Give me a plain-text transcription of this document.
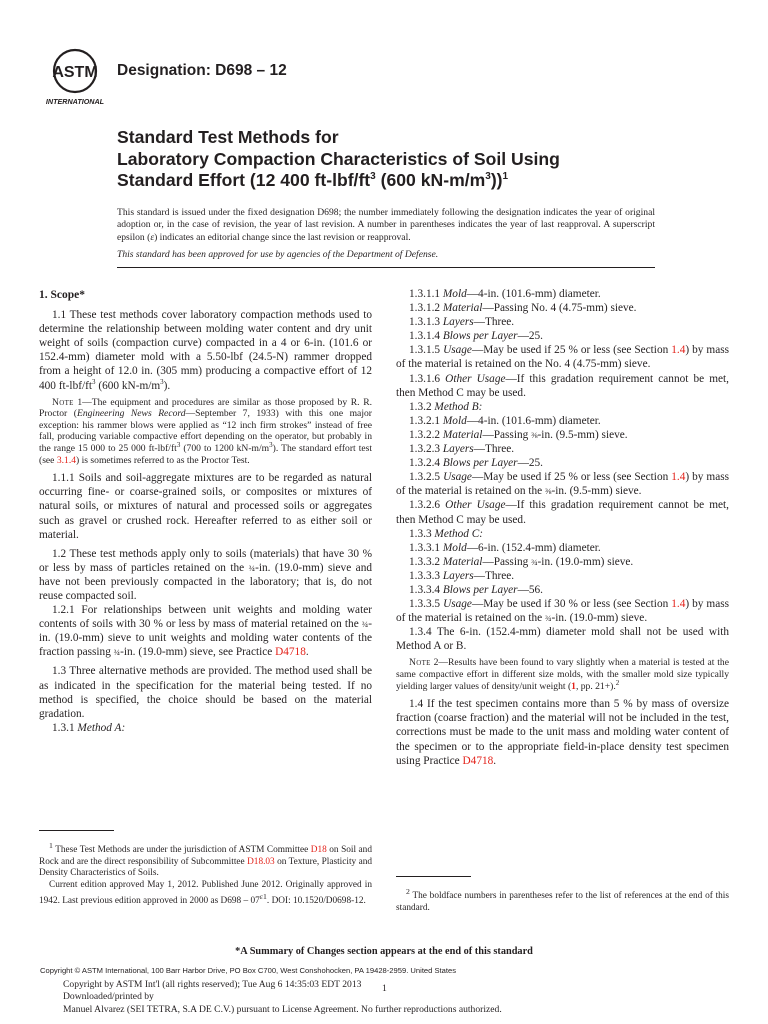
ASTM
INTERNATIONAL
Designation: D698 – 12
Standard Test Methods for
Laboratory Compaction Characteristics of Soil Using
Standard Effort (12 400 $ft-lbf/ft^3$ (600 $kN-m/m^3))^1$
This standard is issued under the fixed designation D698; the number immediately following the designation indicates the year of original adoption or, in the case of revision, the year of last revision. A number in parentheses indicates the year of last reapproval. A superscript epsilon (ε) indicates an editorial change since the last revision or reapproval.
This standard has been approved for use by agencies of the Department of Defense.

1. Scope*

1.1 These test methods cover laboratory compaction methods used to determine the relationship between molding water content and dry unit weight of soils (compaction curve) compacted in a 4 or 6-in. (101.6 or 152.4-mm) diameter mold with a 5.50-lbf (24.5-N) rammer dropped from a height of 12.0 in. (305 mm) producing a compactive effort of 12 400 $ft-lbf/ft^3$ (600 $kN-m/m^3$).

Note 1—The equipment and procedures are similar as those proposed by R. R. Proctor (Engineering News Record—September 7, 1933) with this one major exception: his rammer blows were applied as “12 inch firm strokes” instead of free fall, producing variable compactive effort depending on the operator, but probably in the range 15 000 to 25 000 $ft-lbf/ft^3$ (700 to 1200 $kN-m/m^3$). The standard effort test (see 3.1.4) is sometimes referred to as the Proctor Test.

1.1.1 Soils and soil-aggregate mixtures are to be regarded as natural occurring fine- or coarse-grained soils, or composites or mixtures of natural soils, or mixtures of natural and processed soils or aggregates such as gravel or crushed rock. Hereafter referred to as either soil or material.

1.2 These test methods apply only to soils (materials) that have 30 % or less by mass of particles retained on the ¾-in. (19.0-mm) sieve and have not been previously compacted in the laboratory; that is, do not reuse compacted soil.

1.2.1 For relationships between unit weights and molding water contents of soils with 30 % or less by mass of material retained on the ¾-in. (19.0-mm) sieve to unit weights and molding water contents of the fraction passing ¾-in. (19.0-mm) sieve, see Practice D4718.

1.3 Three alternative methods are provided. The method used shall be as indicated in the specification for the material being tested. If no method is specified, the choice should be based on the material gradation.

1.3.1 Method A:

1.3.1.1 Mold—4-in. (101.6-mm) diameter.

1.3.1.2 Material—Passing No. 4 (4.75-mm) sieve.

1.3.1.3 Layers—Three.

1.3.1.4 Blows per Layer—25.

1.3.1.5 Usage—May be used if 25 % or less (see Section 1.4) by mass of the material is retained on the No. 4 (4.75-mm) sieve.

1.3.1.6 Other Usage—If this gradation requirement cannot be met, then Method C may be used.

1.3.2 Method B:

1.3.2.1 Mold—4-in. (101.6-mm) diameter.

1.3.2.2 Material—Passing ⅜-in. (9.5-mm) sieve.

1.3.2.3 Layers—Three.

1.3.2.4 Blows per Layer—25.

1.3.2.5 Usage—May be used if 25 % or less (see Section 1.4) by mass of the material is retained on the ⅜-in. (9.5-mm) sieve.

1.3.2.6 Other Usage—If this gradation requirement cannot be met, then Method C may be used.

1.3.3 Method C:

1.3.3.1 Mold—6-in. (152.4-mm) diameter.

1.3.3.2 Material—Passing ¾-in. (19.0-mm) sieve.

1.3.3.3 Layers—Three.

1.3.3.4 Blows per Layer—56.

1.3.3.5 Usage—May be used if 30 % or less (see Section 1.4) by mass of the material is retained on the ¾-in. (19.0-mm) sieve.

1.3.4 The 6-in. (152.4-mm) diameter mold shall not be used with Method A or B.

Note 2—Results have been found to vary slightly when a material is tested at the same compactive effort in different size molds, with the smaller mold size typically yielding larger values of density/unit weight (1, pp. 21+).$^2$

1.4 If the test specimen contains more than 5 % by mass of oversize fraction (coarse fraction) and the material will not be included in the test, corrections must be made to the unit mass and molding water content of the specimen or to the appropriate field-in-place density test specimen using Practice D4718.

$^1$ These Test Methods are under the jurisdiction of ASTM Committee D18 on Soil and Rock and are the direct responsibility of Subcommittee D18.03 on Texture, Plasticity and Density Characteristics of Soils.

Current edition approved May 1, 2012. Published June 2012. Originally approved in 1942. Last previous edition approved in 2000 as $D698 - 07^{\varepsilon 1}$. DOI: 10.1520/D0698-12.

$^2$ The boldface numbers in parentheses refer to the list of references at the end of this standard.

*A Summary of Changes section appears at the end of this standard
Copyright © ASTM International, 100 Barr Harbor Drive, PO Box C700, West Conshohocken, PA 19428-2959. United States

Copyright by ASTM Int'l (all rights reserved); Tue Aug 6 14:35:03 EDT 2013

Downloaded/printed by

Manuel Alvarez (SEI TETRA, S.A DE C.V.) pursuant to License Agreement. No further reproductions authorized.

1
